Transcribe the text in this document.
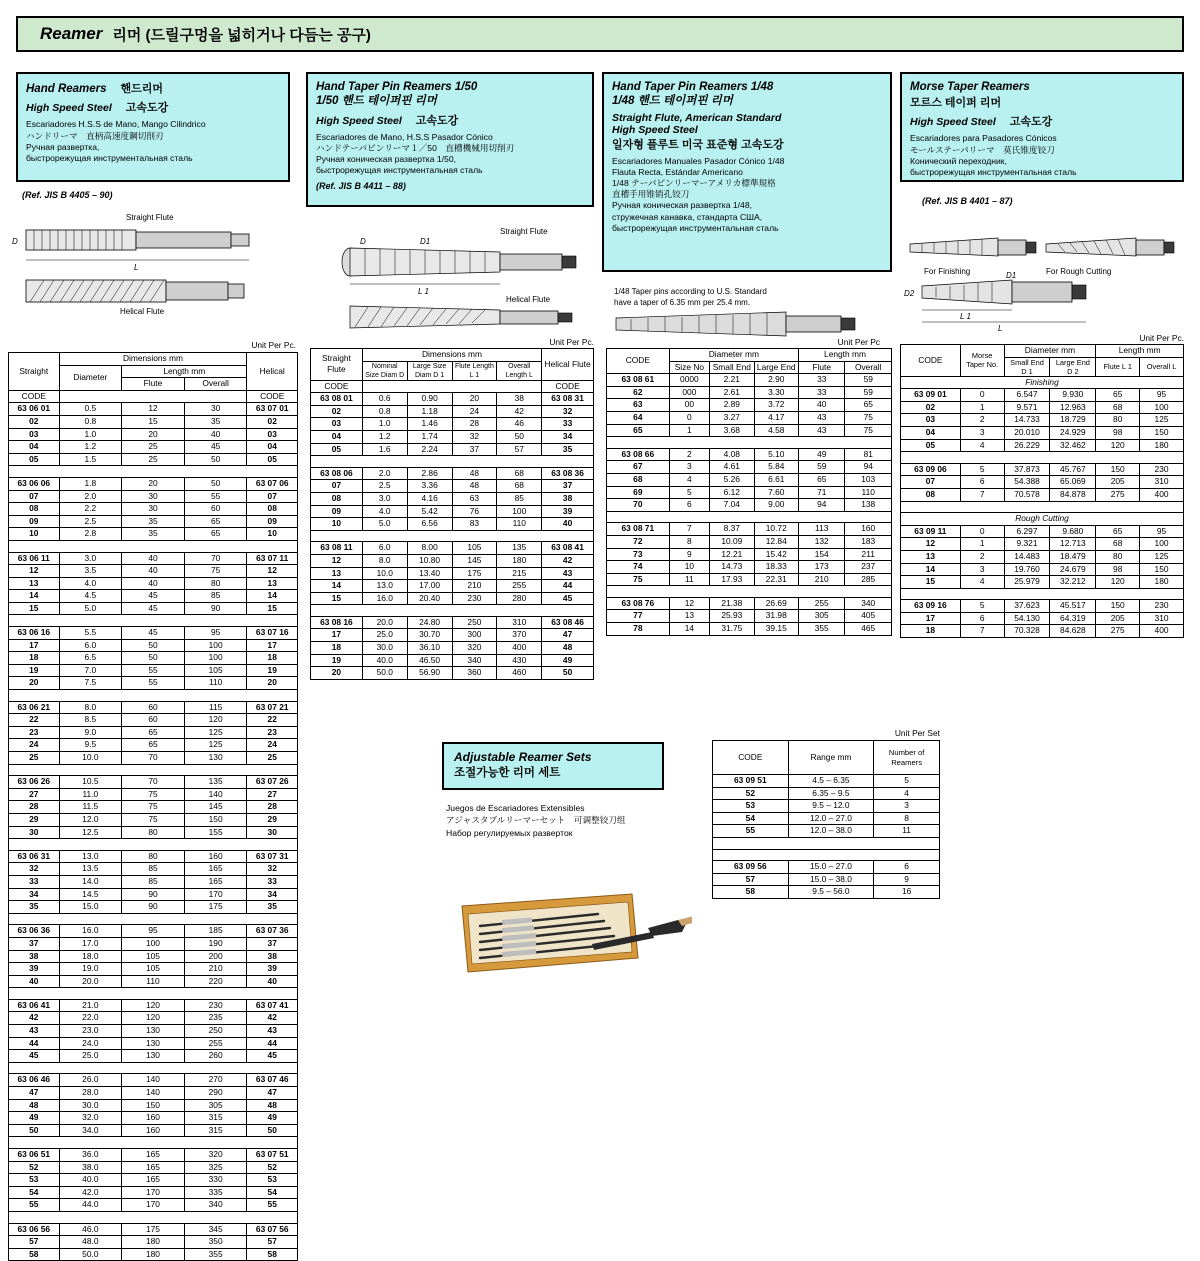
Reamer 리머 (드릴구멍을 넓히거나 다듬는 공구)
Hand Reamers 핸드리머
High Speed Steel 고속도강
Escariadores H.S.S de Mano, Mango Cilindrico
ハンドリーマ　直柄高速度鋼切削刃
Ручная развертка,
быстрорежущая инструментальная сталь
(Ref. JIS B 4405 – 90)
Straight Flute
D
L
Helical Flute
Unit Per Pc.
Straight	Dimensions mm			Helical
	Diameter	Length mm		
		Flute	Overall	
CODE				CODE
63 06 01	0.5	12	30	63 07 01
02	0.8	15	35	02
03	1.0	20	40	03
04	1.2	25	45	04
05	1.5	25	50	05

63 06 06	1.8	20	50	63 07 06
07	2.0	30	55	07
08	2.2	30	60	08
09	2.5	35	65	09
10	2.8	35	65	10

63 06 11	3.0	40	70	63 07 11
12	3.5	40	75	12
13	4.0	40	80	13
14	4.5	45	85	14
15	5.0	45	90	15

63 06 16	5.5	45	95	63 07 16
17	6.0	50	100	17
18	6.5	50	100	18
19	7.0	55	105	19
20	7.5	55	110	20

63 06 21	8.0	60	115	63 07 21
22	8.5	60	120	22
23	9.0	65	125	23
24	9.5	65	125	24
25	10.0	70	130	25

63 06 26	10.5	70	135	63 07 26
27	11.0	75	140	27
28	11.5	75	145	28
29	12.0	75	150	29
30	12.5	80	155	30

63 06 31	13.0	80	160	63 07 31
32	13.5	85	165	32
33	14.0	85	165	33
34	14.5	90	170	34
35	15.0	90	175	35

63 06 36	16.0	95	185	63 07 36
37	17.0	100	190	37
38	18.0	105	200	38
39	19.0	105	210	39
40	20.0	110	220	40

63 06 41	21.0	120	230	63 07 41
42	22.0	120	235	42
43	23.0	130	250	43
44	24.0	130	255	44
45	25.0	130	260	45

63 06 46	26.0	140	270	63 07 46
47	28.0	140	290	47
48	30.0	150	305	48
49	32.0	160	315	49
50	34.0	160	315	50

63 06 51	36.0	165	320	63 07 51
52	38.0	165	325	52
53	40.0	165	330	53
54	42.0	170	335	54
55	44.0	170	340	55

63 06 56	46.0	175	345	63 07 56
57	48.0	180	350	57
58	50.0	180	355	58
Hand Taper Pin Reamers 1/50
1/50 핸드 테이퍼핀 리머
High Speed Steel 고속도강
Escariadores de Mano, H.S.S Pasador Cónico
ハンドテーパピンリーマ１／50　直槽機械用切削刃
Ручная коническая развертка 1/50,
быстрорежущая инструментальная сталь
(Ref. JIS B 4411 – 88)
Straight Flute
D	D1
L 1
Helical Flute
Unit Per Pc.
Straight Flute	Dimensions mm				Helical Flute
	Nominal Size Diam D	Large Size Diam D 1	Flute Length L 1	Overall Length L	
CODE					CODE
63 08 01	0.6	0.90	20	38	63 08 31
02	0.8	1.18	24	42	32
03	1.0	1.46	28	46	33
04	1.2	1.74	32	50	34
05	1.6	2.24	37	57	35

63 08 06	2.0	2.86	48	68	63 08 36
07	2.5	3.36	48	68	37
08	3.0	4.16	63	85	38
09	4.0	5.42	76	100	39
10	5.0	6.56	83	110	40

63 08 11	6.0	8.00	105	135	63 08 41
12	8.0	10.80	145	180	42
13	10.0	13.40	175	215	43
14	13.0	17.00	210	255	44
15	16.0	20.40	230	280	45

63 08 16	20.0	24.80	250	310	63 08 46
17	25.0	30.70	300	370	47
18	30.0	36.10	320	400	48
19	40.0	46.50	340	430	49
20	50.0	56.90	360	460	50
Hand Taper Pin Reamers 1/48
1/48 핸드 테이퍼핀 리머
Straight Flute, American Standard
High Speed Steel
일자형 플루트 미국 표준형 고속도강
Escariadores Manuales Pasador Cónico 1/48
Flauta Recta, Estándar Americano
1/48 テーパピンリーマーアメリカ標準規格
直槽手用锥销孔铰刀
Ручная коническая развертка 1/48,
стружечная канавка, стандарта США,
быстрорежущая инструментальная сталь
1/48 Taper pins according to U.S. Standard
have a taper of 6.35 mm per 25.4 mm.
Unit Per Pc
CODE	Diameter mm			Length mm	
	Size No	Small End	Large End	Flute	Overall
63 08 61	0000	2.21	2.90	33	59
62	000	2.61	3.30	33	59
63	00	2.89	3.72	40	65
64	0	3.27	4.17	43	75
65	1	3.68	4.58	43	75

63 08 66	2	4.08	5.10	49	81
67	3	4.61	5.84	59	94
68	4	5.26	6.61	65	103
69	5	6.12	7.60	71	110
70	6	7.04	9.00	94	138

63 08 71	7	8.37	10.72	113	160
72	8	10.09	12.84	132	183
73	9	12.21	15.42	154	211
74	10	14.73	18.33	173	237
75	11	17.93	22.31	210	285

63 08 76	12	21.38	26.69	255	340
77	13	25.93	31.98	305	405
78	14	31.75	39.15	355	465
Morse Taper Reamers
모르스 테이퍼 리머
High Speed Steel 고속도강
Escariadores para Pasadores Cónicos
モールステーパリーマ　莫氏锥度铰刀
Конический переходник,
быстрорежущая инструментальная сталь
(Ref. JIS B 4401 – 87)
For Finishing	For Rough Cutting
D1
D2
L 1
L
Unit Per Pc.
CODE	Morse Taper No.	Diameter mm		Length mm	
		Small End D 1	Large End D 2	Flute L 1	Overall L
Finishing					
63 09 01	0	6.547	9.930	65	95
02	1	9.571	12.963	68	100
03	2	14.733	18.729	80	125
04	3	20.010	24.929	98	150
05	4	26.229	32.462	120	180

63 09 06	5	37.873	45.767	150	230
07	6	54.388	65.069	205	310
08	7	70.578	84.878	275	400

Rough Cutting					
63 09 11	0	6.297	9.680	65	95
12	1	9.321	12.713	68	100
13	2	14.483	18.479	80	125
14	3	19.760	24.679	98	150
15	4	25.979	32.212	120	180

63 09 16	5	37.623	45.517	150	230
17	6	54.130	64.319	205	310
18	7	70.328	84.628	275	400
Adjustable Reamer Sets
조절가능한 리머 세트
Juegos de Escariadores Extensibles
アジャスタブルリーマーセット　可调整铰刀组
Набор регулируемых разверток
Unit Per Set
CODE	Range mm	Number of Reamers
63 09 51	4.5 – 6.35	5
52	6.35 – 9.5	4
53	9.5 – 12.0	3
54	12.0 – 27.0	8
55	12.0 – 38.0	11

63 09 56	15.0 – 27.0	6
57	15.0 – 38.0	9
58	9.5 – 56.0	16
